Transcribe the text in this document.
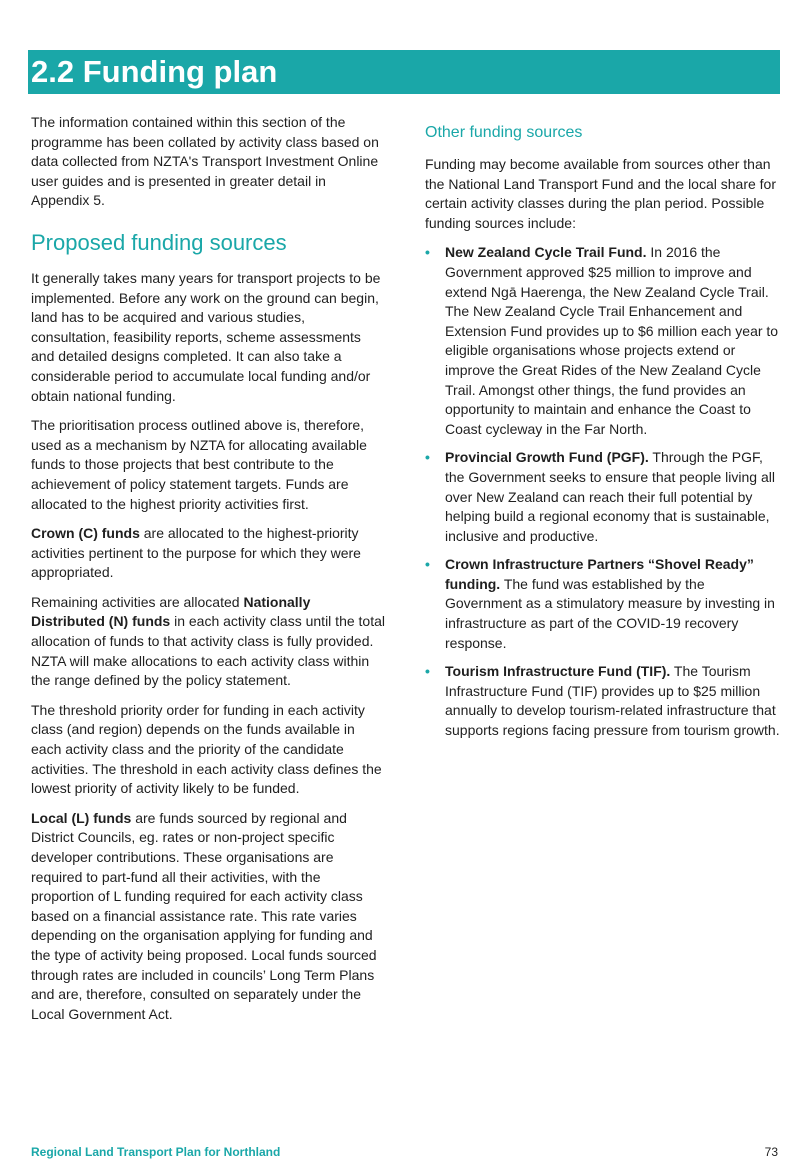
2.2 Funding plan

The information contained within this section of the programme has been collated by activity class based on data collected from NZTA's Transport Investment Online user guides and is presented in greater detail in Appendix 5.

Proposed funding sources

It generally takes many years for transport projects to be implemented. Before any work on the ground can begin, land has to be acquired and various studies, consultation, feasibility reports, scheme assessments and detailed designs completed. It can also take a considerable period to accumulate local funding and/or obtain national funding.

The prioritisation process outlined above is, therefore, used as a mechanism by NZTA for allocating available funds to those projects that best contribute to the achievement of policy statement targets. Funds are allocated to the highest priority activities first.

Crown (C) funds are allocated to the highest-priority activities pertinent to the purpose for which they were appropriated.

Remaining activities are allocated Nationally Distributed (N) funds in each activity class until the total allocation of funds to that activity class is fully provided. NZTA will make allocations to each activity class within the range defined by the policy statement.

The threshold priority order for funding in each activity class (and region) depends on the funds available in each activity class and the priority of the candidate activities. The threshold in each activity class defines the lowest priority of activity likely to be funded.

Local (L) funds are funds sourced by regional and District Councils, eg. rates or non-project specific developer contributions. These organisations are required to part-fund all their activities, with the proportion of L funding required for each activity class based on a financial assistance rate. This rate varies depending on the organisation applying for funding and the type of activity being proposed. Local funds sourced through rates are included in councils’ Long Term Plans and are, therefore, consulted on separately under the Local Government Act.

Other funding sources

Funding may become available from sources other than the National Land Transport Fund and the local share for certain activity classes during the plan period. Possible funding sources include:

• New Zealand Cycle Trail Fund. In 2016 the Government approved $25 million to improve and extend Ngā Haerenga, the New Zealand Cycle Trail. The New Zealand Cycle Trail Enhancement and Extension Fund provides up to $6 million each year to eligible organisations whose projects extend or improve the Great Rides of the New Zealand Cycle Trail. Amongst other things, the fund provides an opportunity to maintain and enhance the Coast to Coast cycleway in the Far North.
• Provincial Growth Fund (PGF). Through the PGF, the Government seeks to ensure that people living all over New Zealand can reach their full potential by helping build a regional economy that is sustainable, inclusive and productive.
• Crown Infrastructure Partners “Shovel Ready” funding. The fund was established by the Government as a stimulatory measure by investing in infrastructure as part of the COVID-19 recovery response.
• Tourism Infrastructure Fund (TIF). The Tourism Infrastructure Fund (TIF) provides up to $25 million annually to develop tourism-related infrastructure that supports regions facing pressure from tourism growth.
Regional Land Transport Plan for Northland	73
